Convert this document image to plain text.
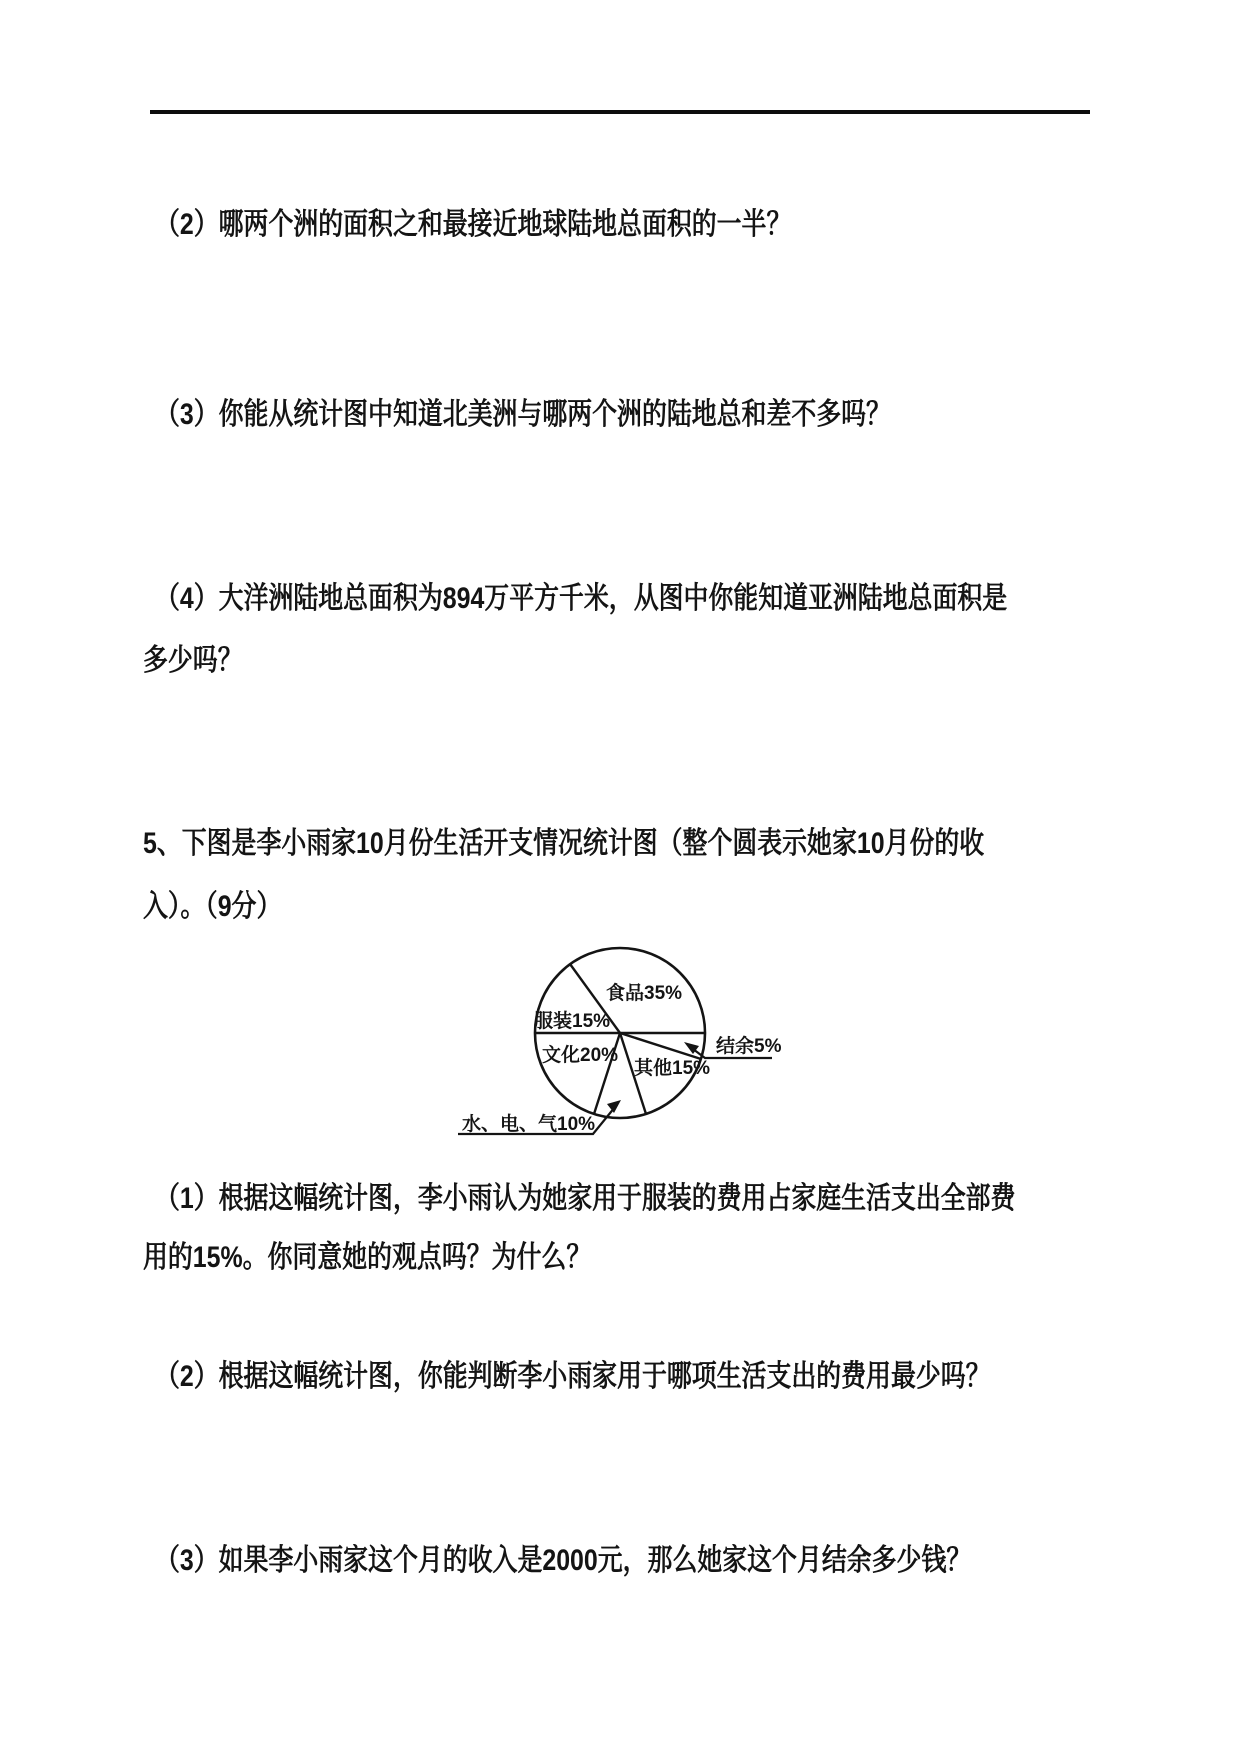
（2）哪两个洲的面积之和最接近地球陆地总面积的一半？
（3）你能从统计图中知道北美洲与哪两个洲的陆地总和差不多吗？
（4）大洋洲陆地总面积为894万平方千米，从图中你能知道亚洲陆地总面积是
多少吗？
5、下图是李小雨家10月份生活开支情况统计图（整个圆表示她家10月份的收
入）。（9分）
食品35%
服装15%
文化20%
其他15%
结余5%
水、电、气10%
（1）根据这幅统计图，李小雨认为她家用于服装的费用占家庭生活支出全部费
用的15%。你同意她的观点吗？为什么？
（2）根据这幅统计图，你能判断李小雨家用于哪项生活支出的费用最少吗？
（3）如果李小雨家这个月的收入是2000元，那么她家这个月结余多少钱？
